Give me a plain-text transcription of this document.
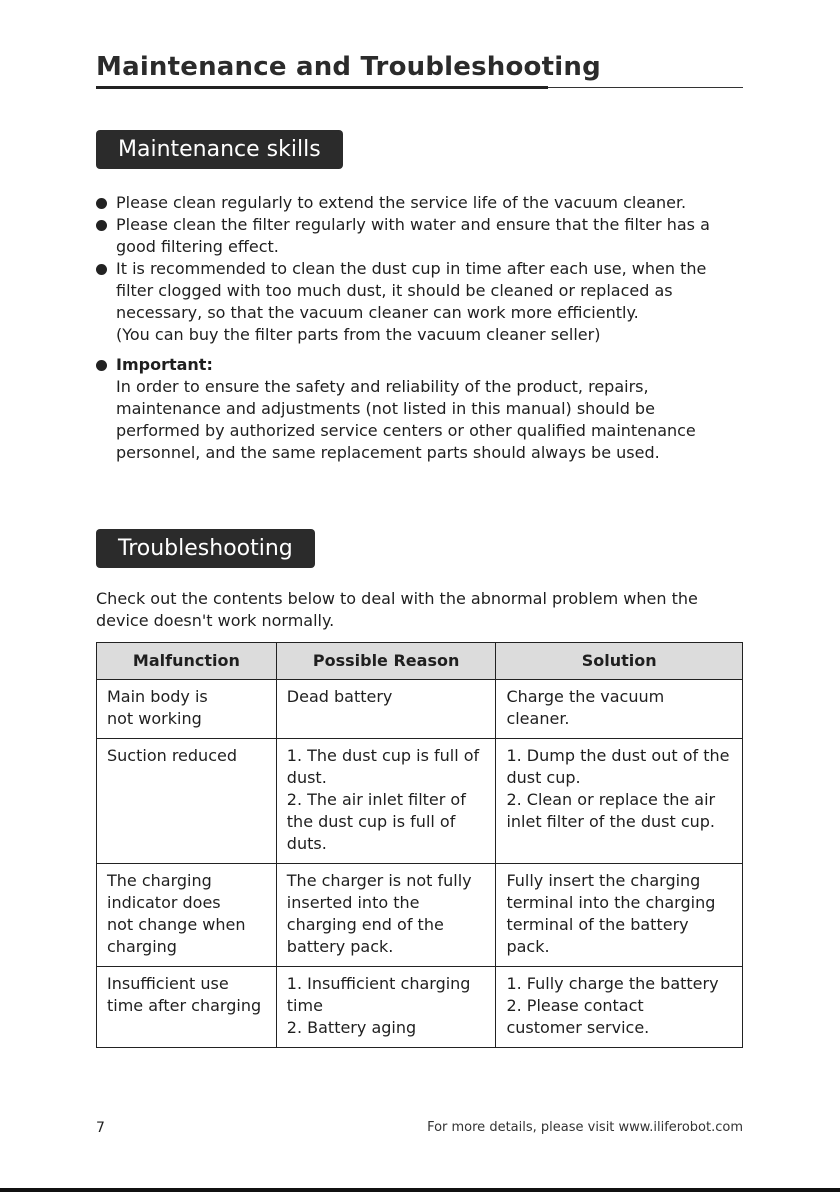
Maintenance and Troubleshooting
Maintenance skills
Please clean regularly to extend the service life of the vacuum cleaner.
Please clean the filter regularly with water and ensure that the filter has a
good filtering effect.
It is recommended to clean the dust cup in time after each use, when the
filter clogged with too much dust, it should be cleaned or replaced as
necessary, so that the vacuum cleaner can work more efficiently.
(You can buy the filter parts from the vacuum cleaner seller)
Important:
In order to ensure the safety and reliability of the product, repairs,
maintenance and adjustments (not listed in this manual) should be
performed by authorized service centers or other qualified maintenance
personnel, and the same replacement parts should always be used.
Troubleshooting
Check out the contents below to deal with the abnormal problem when the
device doesn't work normally.
Malfunction	Possible Reason	Solution

Main body is
not working	Dead battery	Charge the vacuum cleaner.

Suction reduced	1. The dust cup is full of
dust.
2. The air inlet filter of
the dust cup is full of
duts.	1. Dump the dust out of the
dust cup.
2. Clean or replace the air
inlet filter of the dust cup.

The charging
indicator does
not change when
charging	The charger is not fully
inserted into the
charging end of the
battery pack.	Fully insert the charging
terminal into the charging
terminal of the battery pack.

Insufficient use
time after charging	1. Insufficient charging
time
2. Battery aging	1. Fully charge the battery
2. Please contact
customer service.
7	For more details, please visit www.iliferobot.com
